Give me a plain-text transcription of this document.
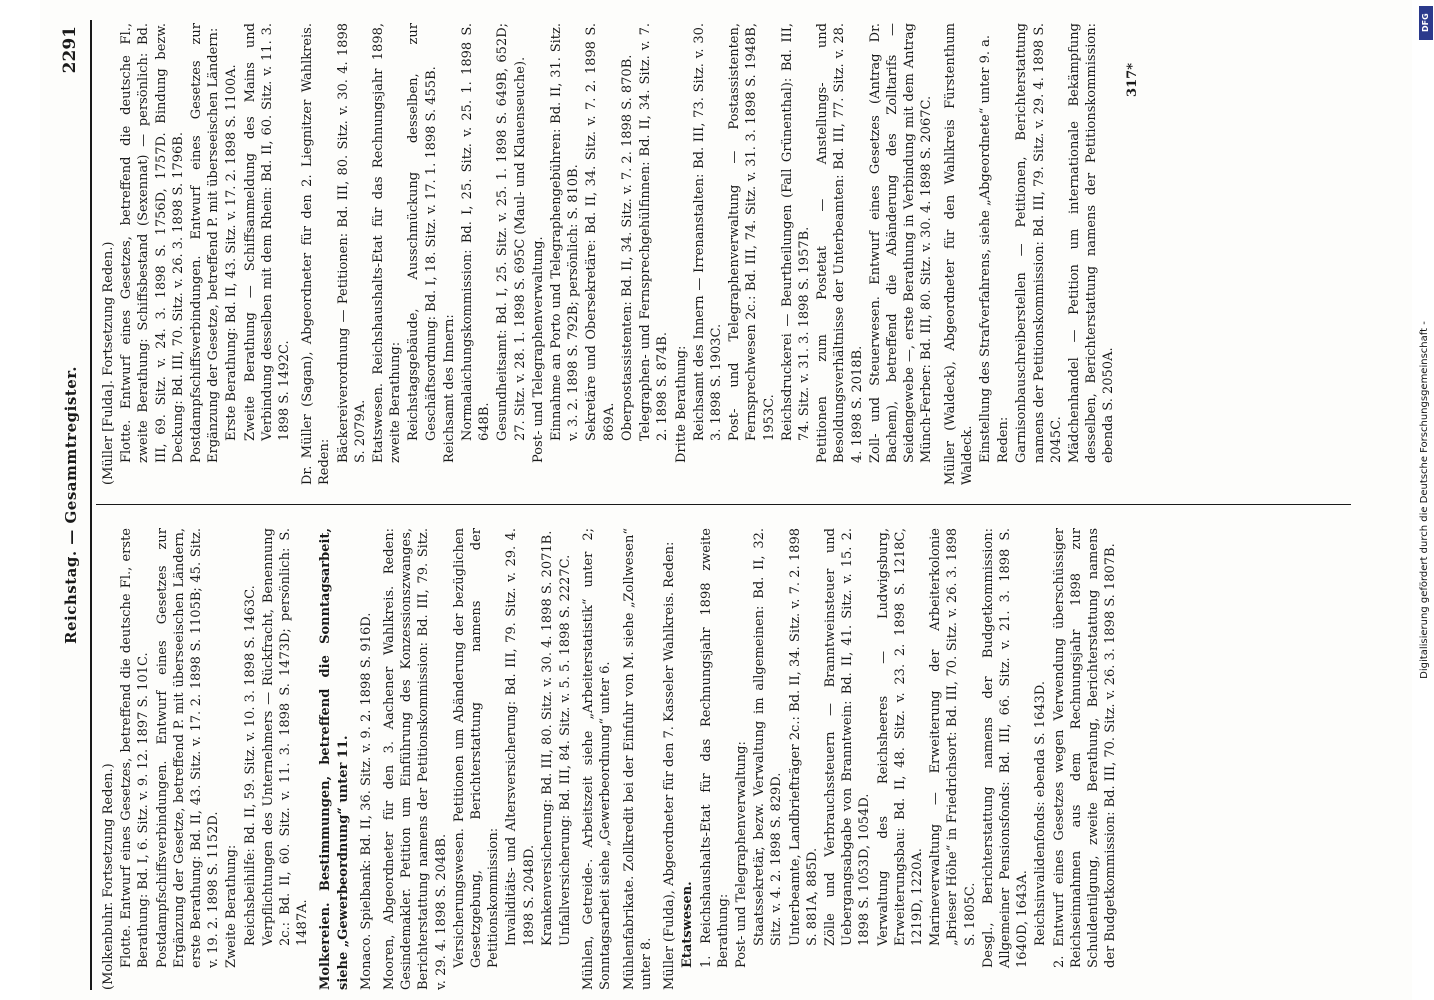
Reichstag. — Gesammtregister.
2291
(Molkenbuhr. Fortsetzung Reden.) Flotte. Entwurf eines Gesetzes, betreffend die deutsche Fl., erste Berathung: Bd. I, 6. Sitz. v. 9. 12. 1897 S. 101C. Postdampfschiffsverbindungen. Entwurf eines Gesetzes zur Ergänzung der Gesetze, betreffend P. mit überseeischen Ländern, erste Berathung: Bd. II, 43. Sitz. v. 17. 2. 1898 S. 1105B; 45. Sitz. v. 19. 2. 1898 S. 1152D. Zweite Berathung: Reichsbeihilfe: Bd. II, 59. Sitz. v. 10. 3. 1898 S. 1463C. Verpflichtungen des Unternehmers — Rückfracht, Benennung 2c.: Bd. II, 60. Sitz. v. 11. 3. 1898 S. 1473D; persönlich: S. 1487A. Molkereien. Bestimmungen, betreffend die Sonntagsarbeit, siehe „Gewerbeordnung“ unter 11. Monaco. Spielbank: Bd. II, 36. Sitz. v. 9. 2. 1898 S. 916D. Mooren, Abgeordneter für den 3. Aachener Wahlkreis. Reden: Gesindemakler. Petition um Einführung des Konzessionszwanges, Berichterstattung namens der Petitionskommission: Bd. III, 79. Sitz. v. 29. 4. 1898 S. 2048B. Versicherungswesen. Petitionen um Abänderung der bezüglichen Gesetzgebung, Berichterstattung namens der Petitionskommission: Invaliditäts- und Altersversicherung: Bd. III, 79. Sitz. v. 29. 4. 1898 S. 2048D. Krankenversicherung: Bd. III, 80. Sitz. v. 30. 4. 1898 S. 2071B. Unfallversicherung: Bd. III, 84. Sitz. v. 5. 5. 1898 S. 2227C. Mühlen, Getreide-. Arbeitszeit siehe „Arbeiterstatistik“ unter 2; Sonntagsarbeit siehe „Gewerbeordnung“ unter 6. Mühlenfabrikate. Zollkredit bei der Einfuhr von M. siehe „Zollwesen“ unter 8. Müller (Fulda), Abgeordneter für den 7. Kasseler Wahlkreis. Reden: Etatswesen. 1. Reichshaushalts-Etat für das Rechnungsjahr 1898 zweite Berathung: Post- und Telegraphenverwaltung: Staatssekretär, bezw. Verwaltung im allgemeinen: Bd. II, 32. Sitz. v. 4. 2. 1898 S. 829D. Unterbeamte, Landbriefträger 2c.: Bd. II, 34. Sitz. v. 7. 2. 1898 S. 881A, 885D. Zölle und Verbrauchssteuern — Branntweinsteuer und Uebergangsabgabe von Branntwein: Bd. II, 41. Sitz. v. 15. 2. 1898 S. 1053D, 1054D. Verwaltung des Reichsheeres — Ludwigsburg, Erweiterungsbau: Bd. II, 48. Sitz. v. 23. 2. 1898 S. 1218C, 1219D, 1220A. Marineverwaltung — Erweiterung der Arbeiterkolonie „Brieser Höhe“ in Friedrichsort: Bd. III, 70. Sitz. v. 26. 3. 1898 S. 1805C. Desgl., Berichterstattung namens der Budgetkommission: Allgemeiner Pensionsfonds: Bd. III, 66. Sitz. v. 21. 3. 1898 S. 1640D, 1643A. Reichsinvalidenfonds: ebenda S. 1643D. 2. Entwurf eines Gesetzes wegen Verwendung überschüssiger Reichseinnahmen aus dem Rechnungsjahr 1898 zur Schuldentilgung, zweite Berathung, Berichterstattung namens der Budgetkommission: Bd. III, 70. Sitz. v. 26. 3. 1898 S. 1807B.
(Müller [Fulda]. Fortsetzung Reden.) Flotte. Entwurf eines Gesetzes, betreffend die deutsche Fl., zweite Berathung: Schiffsbestand (Sexennat) — persönlich: Bd. III, 69. Sitz. v. 24. 3. 1898 S. 1756D, 1757D. Bindung bezw. Deckung: Bd. III, 70. Sitz. v. 26. 3. 1898 S. 1796B. Postdampfschiffsverbindungen. Entwurf eines Gesetzes zur Ergänzung der Gesetze, betreffend P. mit überseeischen Ländern: Erste Berathung: Bd. II, 43. Sitz. v. 17. 2. 1898 S. 1100A. Zweite Berathung — Schiffsanmeldung des Mains und Verbindung desselben mit dem Rhein: Bd. II, 60. Sitz. v. 11. 3. 1898 S. 1492C. Dr. Müller (Sagan), Abgeordneter für den 2. Liegnitzer Wahlkreis. Reden: Bäckereiverordnung — Petitionen: Bd. III, 80. Sitz. v. 30. 4. 1898 S. 2079A. Etatswesen. Reichshaushalts-Etat für das Rechnungsjahr 1898, zweite Berathung: Reichstagsgebäude, Ausschmückung desselben, zur Geschäftsordnung: Bd. I, 18. Sitz. v. 17. 1. 1898 S. 455B. Reichsamt des Innern: Normalaichungskommission: Bd. I, 25. Sitz. v. 25. 1. 1898 S. 648B. Gesundheitsamt: Bd. I, 25. Sitz. v. 25. 1. 1898 S. 649B, 652D; 27. Sitz. v. 28. 1. 1898 S. 695C (Maul- und Klauenseuche). Post- und Telegraphenverwaltung. Einnahme an Porto und Telegraphengebühren: Bd. II, 31. Sitz. v. 3. 2. 1898 S. 792B; persönlich: S. 810B. Sekretäre und Obersekretäre: Bd. II, 34. Sitz. v. 7. 2. 1898 S. 869A. Oberpostassistenten: Bd. II, 34. Sitz. v. 7. 2. 1898 S. 870B. Telegraphen- und Fernsprechgehülfinnen: Bd. II, 34. Sitz. v. 7. 2. 1898 S. 874B. Dritte Berathung: Reichsamt des Innern — Irrenanstalten: Bd. III, 73. Sitz. v. 30. 3. 1898 S. 1903C. Post- und Telegraphenverwaltung — Postassistenten, Fernsprechwesen 2c.: Bd. III, 74. Sitz. v. 31. 3. 1898 S. 1948B, 1953C. Reichsdruckerei — Beurtheilungen (Fall Grünenthal): Bd. III, 74. Sitz. v. 31. 3. 1898 S. 1957B. Petitionen zum Postetat — Anstellungs- und Besoldungsverhältnisse der Unterbeamten: Bd. III, 77. Sitz. v. 28. 4. 1898 S. 2018B. Zoll- und Steuerwesen. Entwurf eines Gesetzes (Antrag Dr. Bachem), betreffend die Abänderung des Zolltarifs — Seidengewebe —, erste Berathung in Verbindung mit dem Antrag Münch-Ferber: Bd. III, 80. Sitz. v. 30. 4. 1898 S. 2067C. Müller (Waldeck), Abgeordneter für den Wahlkreis Fürstenthum Waldeck. Einstellung des Strafverfahrens, siehe „Abgeordnete“ unter 9. a. Reden: Garnisonbauschreiberstellen — Petitionen, Berichterstattung namens der Petitionskommission: Bd. III, 79. Sitz. v. 29. 4. 1898 S. 2045C. Mädchenhandel — Petition um internationale Bekämpfung desselben, Berichterstattung namens der Petitionskommission: ebenda S. 2050A.
317*
DFG
Digitalisierung gefördert durch die Deutsche Forschungsgemeinschaft -
